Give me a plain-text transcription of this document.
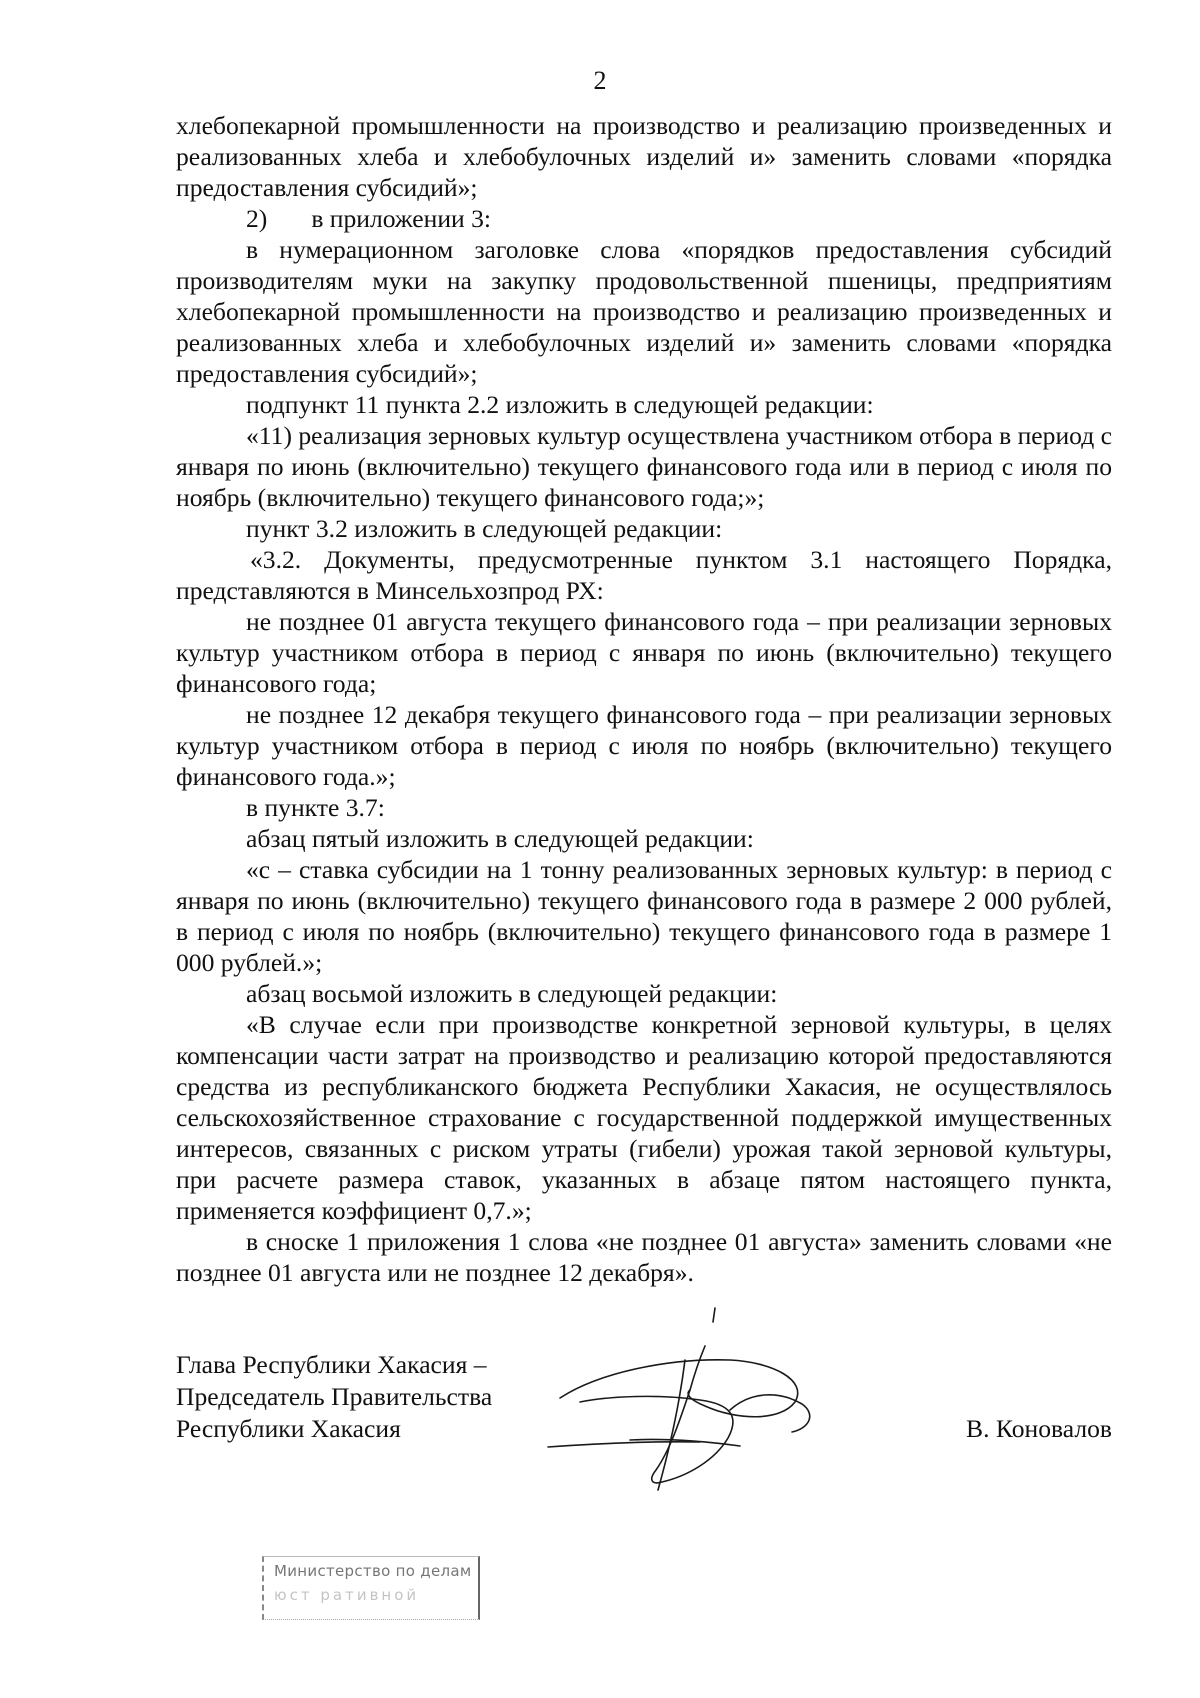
2

хлебопекарной промышленности на производство и реализацию произведенных и реализованных хлеба и хлебобулочных изделий и» заменить словами «порядка предоставления субсидий»;

2) в приложении 3:

в нумерационном заголовке слова «порядков предоставления субсидий производителям муки на закупку продовольственной пшеницы, предприятиям хлебопекарной промышленности на производство и реализацию произведенных и реализованных хлеба и хлебобулочных изделий и» заменить словами «порядка предоставления субсидий»;

подпункт 11 пункта 2.2 изложить в следующей редакции:

«11) реализация зерновых культур осуществлена участником отбора в период с января по июнь (включительно) текущего финансового года или в период с июля по ноябрь (включительно) текущего финансового года;»;

пункт 3.2 изложить в следующей редакции:

«3.2. Документы, предусмотренные пунктом 3.1 настоящего Порядка, представляются в Минсельхозпрод РХ:

не позднее 01 августа текущего финансового года – при реализации зерновых культур участником отбора в период с января по июнь (включительно) текущего финансового года;

не позднее 12 декабря текущего финансового года – при реализации зерновых культур участником отбора в период с июля по ноябрь (включительно) текущего финансового года.»;

в пункте 3.7:

абзац пятый изложить в следующей редакции:

«с – ставка субсидии на 1 тонну реализованных зерновых культур: в период с января по июнь (включительно) текущего финансового года в размере 2 000 рублей, в период с июля по ноябрь (включительно) текущего финансового года в размере 1 000 рублей.»;

абзац восьмой изложить в следующей редакции:

«В случае если при производстве конкретной зерновой культуры, в целях компенсации части затрат на производство и реализацию которой предоставляются средства из республиканского бюджета Республики Хакасия, не осуществлялось сельскохозяйственное страхование с государственной поддержкой имущественных интересов, связанных с риском утраты (гибели) урожая такой зерновой культуры, при расчете размера ставок, указанных в абзаце пятом настоящего пункта, применяется коэффициент 0,7.»;

в сноске 1 приложения 1 слова «не позднее 01 августа» заменить словами «не позднее 01 августа или не позднее 12 декабря».

Глава Республики Хакасия –
Председатель Правительства
Республики Хакасия	В. Коновалов
Министерство по делам
юст ративной
